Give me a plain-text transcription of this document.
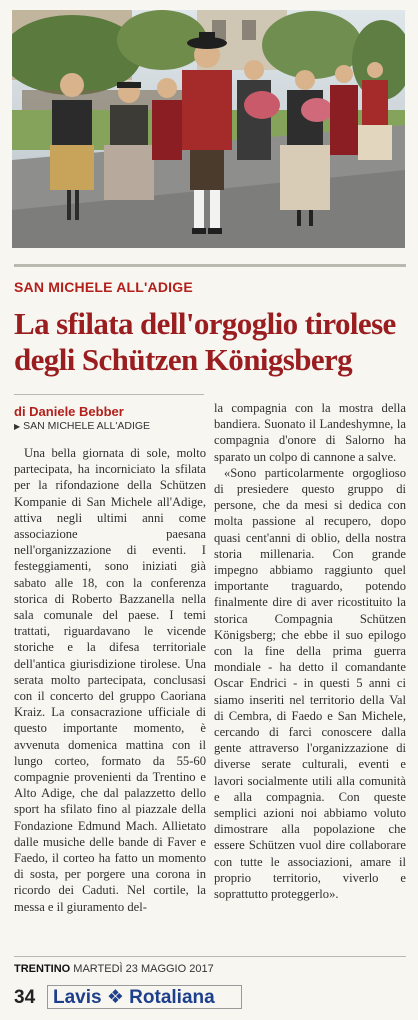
SAN MICHELE ALL'ADIGE
La sfilata dell'orgoglio tirolese
degli Schützen Königsberg
di Daniele Bebber
▶ SAN MICHELE ALL'ADIGE

Una bella giornata di sole, molto partecipata, ha incorniciato la sfilata per la rifondazione della Schützen Kompanie di San Michele all'Adige, attiva negli ultimi anni come associazione paesana nell'organizzazione di eventi. I festeggiamenti, sono iniziati già sabato alle 18, con la conferenza storica di Roberto Bazzanella nella sala comunale del paese. I temi trattati, riguardavano le vicende storiche e la difesa territoriale dell'antica giurisdizione tirolese. Una serata molto partecipata, conclusasi con il concerto del gruppo Caoriana Kraiz. La consacrazione ufficiale di questo importante momento, è avvenuta domenica mattina con il lungo corteo, formato da 55-60 compagnie provenienti da Trentino e Alto Adige, che dal palazzetto dello sport ha sfilato fino al piazzale della Fondazione Edmund Mach. Allietato dalle musiche delle bande di Faver e Faedo, il corteo ha fatto un momento di sosta, per porgere una corona in ricordo dei Caduti. Nel cortile, la messa e il giuramento del-

la compagnia con la mostra della bandiera. Suonato il Landeshymne, la compagnia d'onore di Salorno ha sparato un colpo di cannone a salve.

«Sono particolarmente orgoglioso di presiedere questo gruppo di persone, che da mesi si dedica con molta passione al recupero, dopo quasi cent'anni di oblio, della nostra storia millenaria. Con grande impegno abbiamo raggiunto quel importante traguardo, potendo finalmente dire di aver ricostituito la storica Compagnia Schützen Königsberg; che ebbe il suo epilogo con la fine della prima guerra mondiale - ha detto il comandante Oscar Endrici - in questi 5 anni ci siamo inseriti nel territorio della Val di Cembra, di Faedo e San Michele, cercando di farci conoscere dalla gente attraverso l'organizzazione di diverse serate culturali, eventi e lavori socialmente utili alla comunità e alla compagnia. Con queste semplici azioni noi abbiamo voluto dimostrare alla popolazione che essere Schützen vuol dire collaborare con tutte le associazioni, amare il proprio territorio, viverlo e soprattutto proteggerlo».

TRENTINO MARTEDÌ 23 MAGGIO 2017
34 Lavis ❖ Rotaliana
